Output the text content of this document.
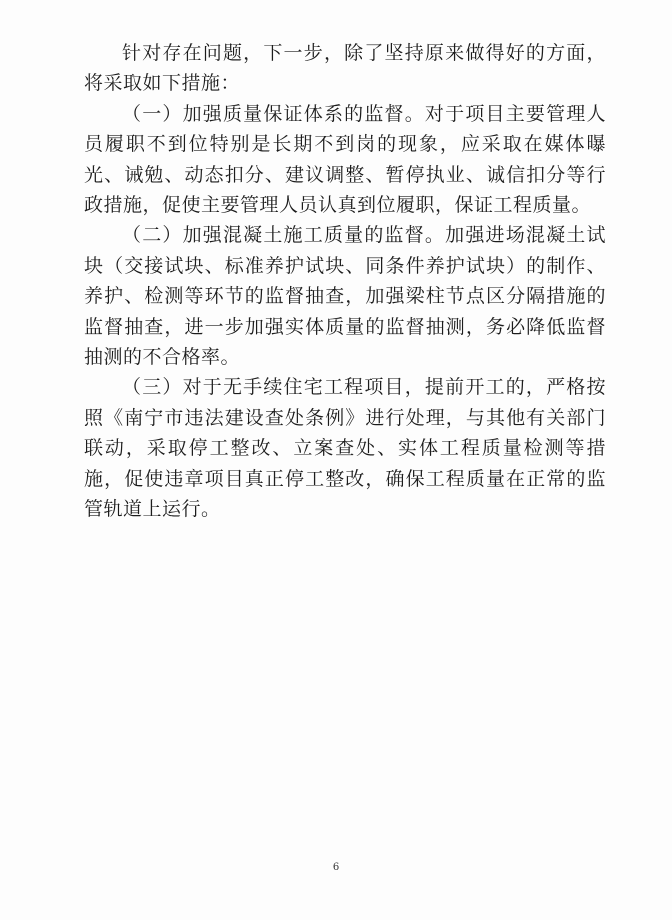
针对存在问题，下一步，除了坚持原来做得好的方面，将采取如下措施：

（一）加强质量保证体系的监督。对于项目主要管理人员履职不到位特别是长期不到岗的现象，应采取在媒体曝光、诫勉、动态扣分、建议调整、暂停执业、诚信扣分等行政措施，促使主要管理人员认真到位履职，保证工程质量。

（二）加强混凝土施工质量的监督。加强进场混凝土试块（交接试块、标准养护试块、同条件养护试块）的制作、养护、检测等环节的监督抽查，加强梁柱节点区分隔措施的监督抽查，进一步加强实体质量的监督抽测，务必降低监督抽测的不合格率。

（三）对于无手续住宅工程项目，提前开工的，严格按照《南宁市违法建设查处条例》进行处理，与其他有关部门联动，采取停工整改、立案查处、实体工程质量检测等措施，促使违章项目真正停工整改，确保工程质量在正常的监管轨道上运行。

6
